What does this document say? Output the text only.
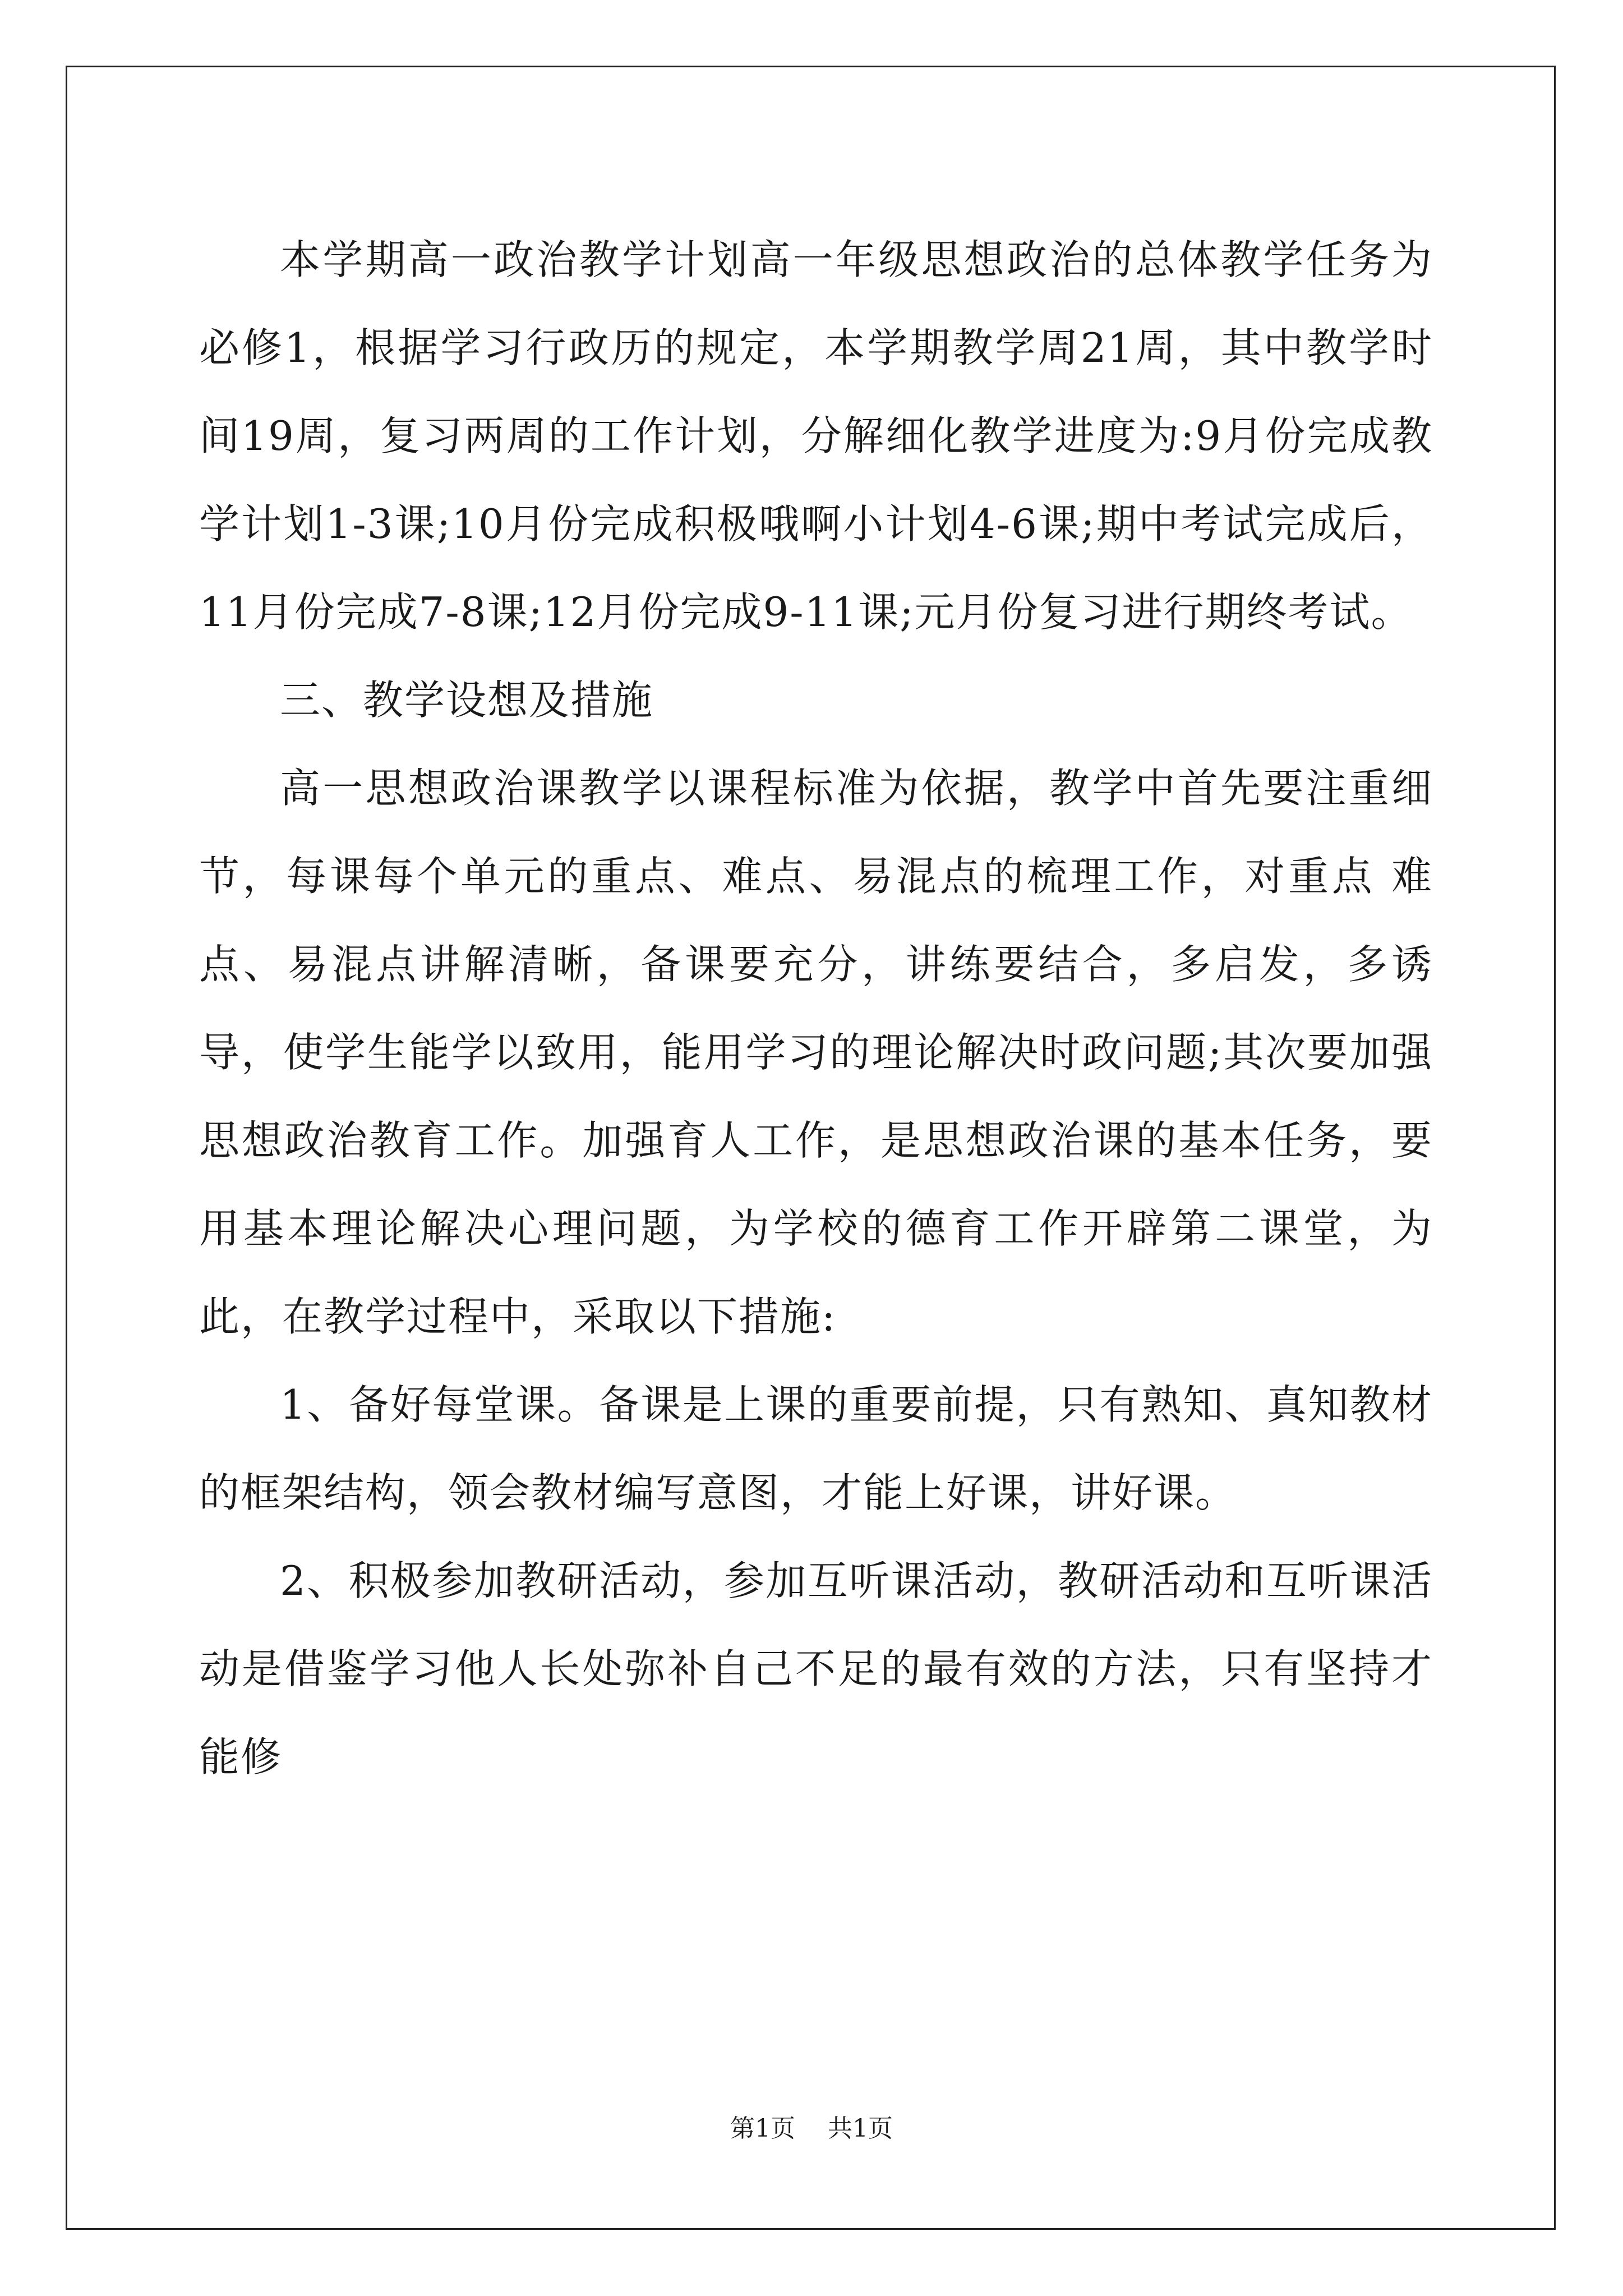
本学期高一政治教学计划高一年级思想政治的总体教学任务为必修1，根据学习行政历的规定，本学期教学周21周，其中教学时间19周，复习两周的工作计划，分解细化教学进度为:9月份完成教学计划1-3课;10月份完成积极哦啊小计划4-6课;期中考试完成后，11月份完成7-8课;12月份完成9-11课;元月份复习进行期终考试。

三、教学设想及措施

高一思想政治课教学以课程标准为依据，教学中首先要注重细节，每课每个单元的重点、难点、易混点的梳理工作，对重点 难点、易混点讲解清晰，备课要充分，讲练要结合，多启发，多诱导，使学生能学以致用，能用学习的理论解决时政问题;其次要加强思想政治教育工作。加强育人工作，是思想政治课的基本任务，要用基本理论解决心理问题，为学校的德育工作开辟第二课堂，为此，在教学过程中，采取以下措施:

1、备好每堂课。备课是上课的重要前提，只有熟知、真知教材的框架结构，领会教材编写意图，才能上好课，讲好课。

2、积极参加教研活动，参加互听课活动，教研活动和互听课活动是借鉴学习他人长处弥补自己不足的最有效的方法，只有坚持才能修

第1页 共1页
